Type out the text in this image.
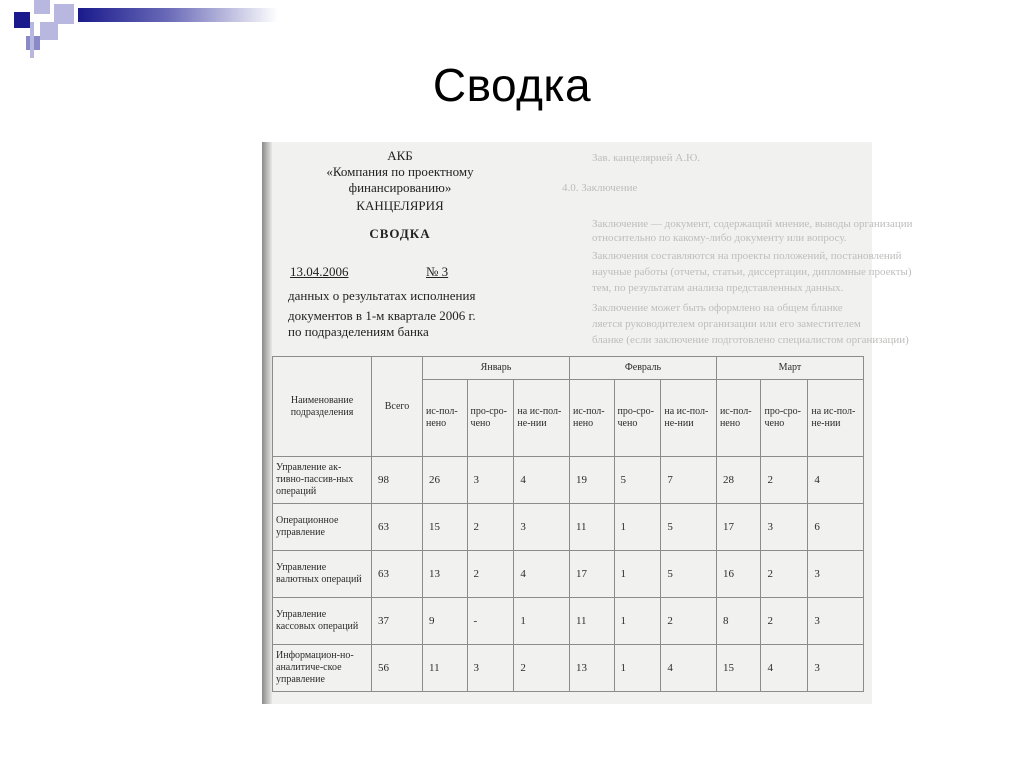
Сводка
Зав. канцелярией А.Ю.
4.0. Заключение
Заключение — документ, содержащий мнение, выводы организации
относительно по какому-либо документу или вопросу.
Заключения составляются на проекты положений, постановлений
научные работы (отчеты, статьи, диссертации, дипломные проекты)
тем, по результатам анализа представленных данных.
Заключение может быть оформлено на общем бланке
ляется руководителем организации или его заместителем
бланке (если заключение подготовлено специалистом организации)
АКБ
«Компания по проектному
финансированию»
КАНЦЕЛЯРИЯ
СВОДКА
13.04.2006	№ 3
данных о результатах исполнения
документов в 1-м квартале 2006 г.
по подразделениям банка
Наименование подразделения	Всего	Январь			Февраль			Март		
		ис-пол-нено	про-сро-чено	на ис-пол-не-нии	ис-пол-нено	про-сро-чено	на ис-пол-не-нии	ис-пол-нено	про-сро-чено	на ис-пол-не-нии
Управление ак-тивно-пассив-ных операций	98	26	3	4	19	5	7	28	2	4
Операционное управление	63	15	2	3	11	1	5	17	3	6
Управление валютных операций	63	13	2	4	17	1	5	16	2	3
Управление кассовых операций	37	9	-	1	11	1	2	8	2	3
Информацион-но-аналитиче-ское управление	56	11	3	2	13	1	4	15	4	3
